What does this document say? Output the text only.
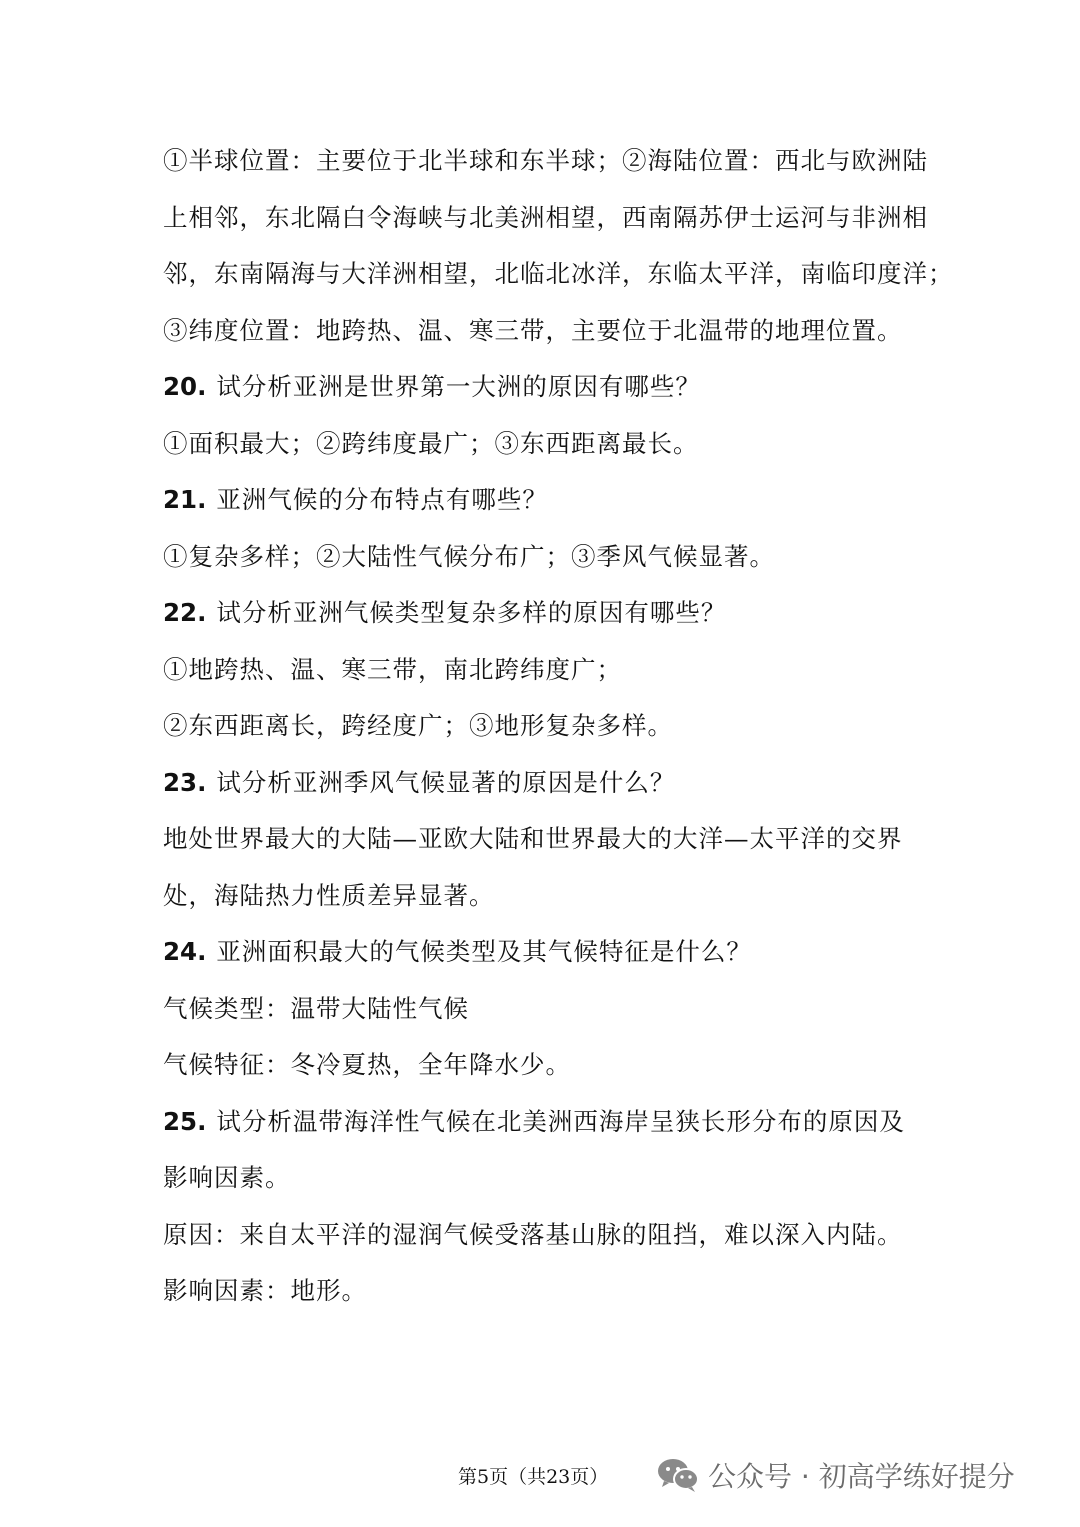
①半球位置：主要位于北半球和东半球；②海陆位置：西北与欧洲陆
上相邻，东北隔白令海峡与北美洲相望，西南隔苏伊士运河与非洲相
邻，东南隔海与大洋洲相望，北临北冰洋，东临太平洋，南临印度洋；
③纬度位置：地跨热、温、寒三带，主要位于北温带的地理位置。
20. 试分析亚洲是世界第一大洲的原因有哪些？
①面积最大；②跨纬度最广；③东西距离最长。
21. 亚洲气候的分布特点有哪些？
①复杂多样；②大陆性气候分布广；③季风气候显著。
22. 试分析亚洲气候类型复杂多样的原因有哪些？
①地跨热、温、寒三带，南北跨纬度广；
②东西距离长，跨经度广；③地形复杂多样。
23. 试分析亚洲季风气候显著的原因是什么？
地处世界最大的大陆—亚欧大陆和世界最大的大洋—太平洋的交界
处，海陆热力性质差异显著。
24. 亚洲面积最大的气候类型及其气候特征是什么？
气候类型：温带大陆性气候
气候特征：冬冷夏热，全年降水少。
25. 试分析温带海洋性气候在北美洲西海岸呈狭长形分布的原因及
影响因素。
原因：来自太平洋的湿润气候受落基山脉的阻挡，难以深入内陆。
影响因素：地形。
第5页（共23页）	公众号 · 初高学练好提分
